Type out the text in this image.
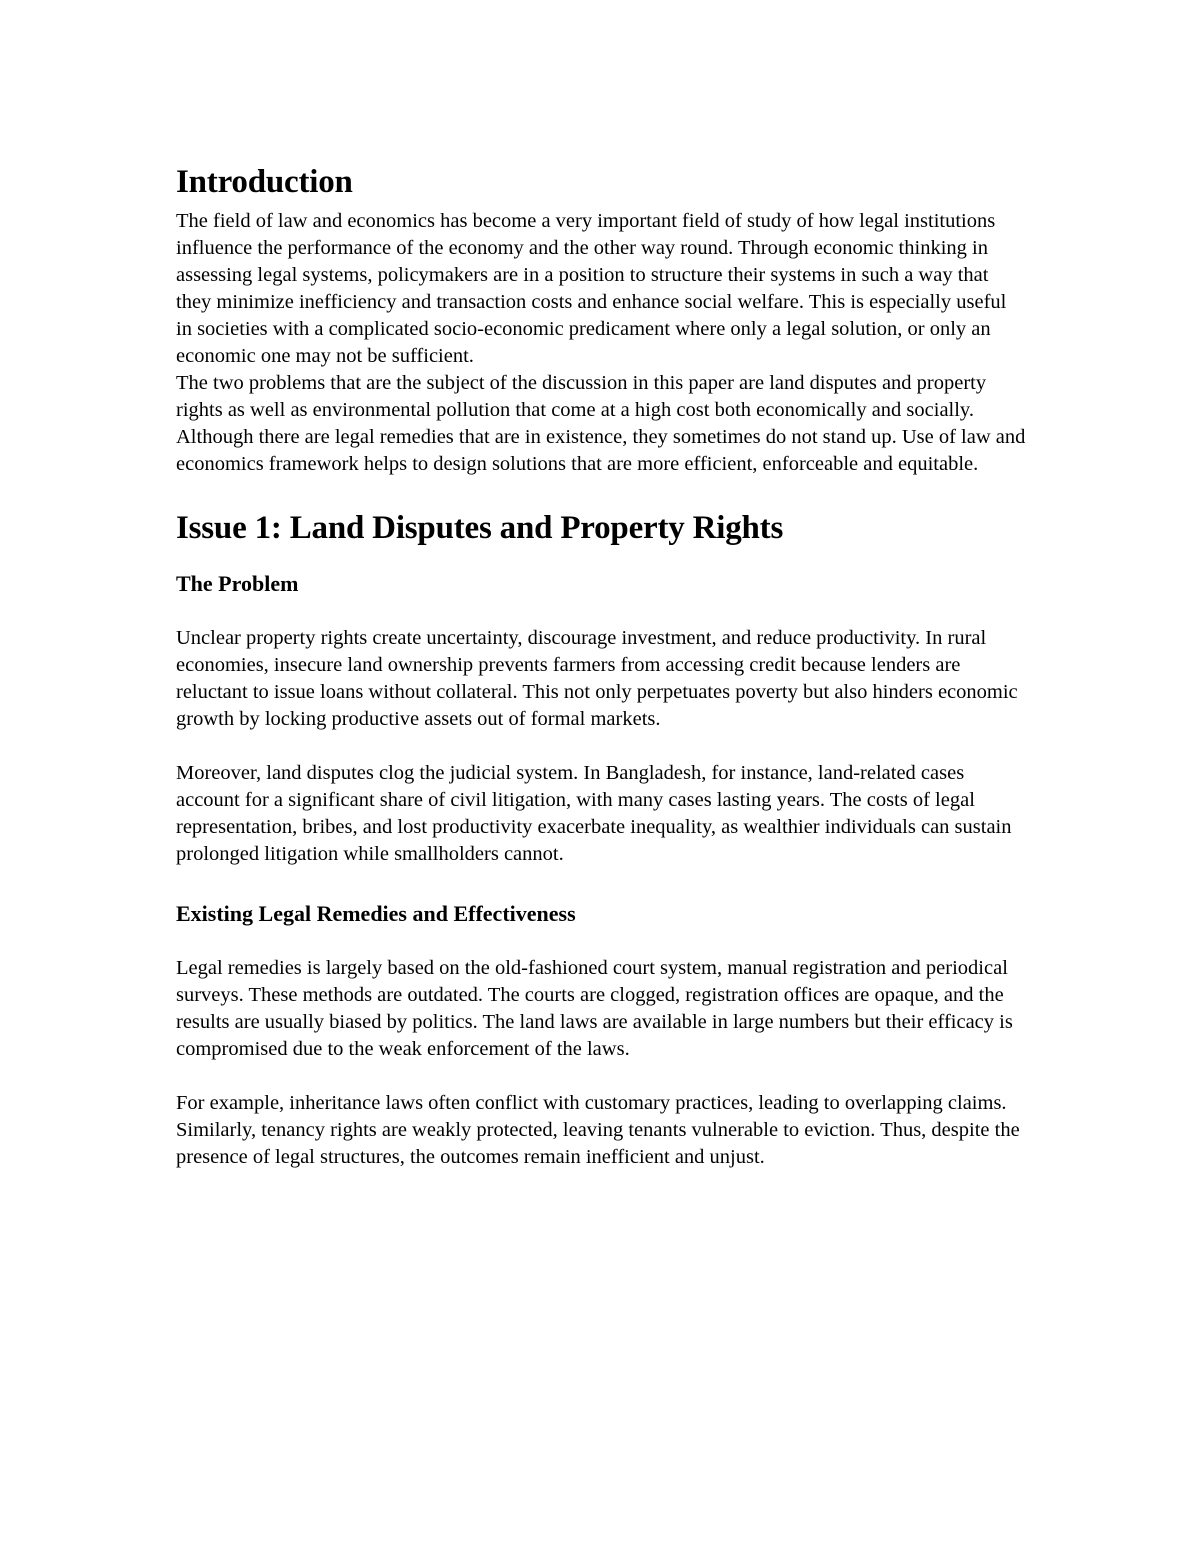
Introduction

The field of law and economics has become a very important field of study of how legal institutions influence the performance of the economy and the other way round. Through economic thinking in assessing legal systems, policymakers are in a position to structure their systems in such a way that they minimize inefficiency and transaction costs and enhance social welfare. This is especially useful in societies with a complicated socio-economic predicament where only a legal solution, or only an economic one may not be sufficient.

The two problems that are the subject of the discussion in this paper are land disputes and property rights as well as environmental pollution that come at a high cost both economically and socially. Although there are legal remedies that are in existence, they sometimes do not stand up. Use of law and economics framework helps to design solutions that are more efficient, enforceable and equitable.

Issue 1: Land Disputes and Property Rights
The Problem

Unclear property rights create uncertainty, discourage investment, and reduce productivity. In rural economies, insecure land ownership prevents farmers from accessing credit because lenders are reluctant to issue loans without collateral. This not only perpetuates poverty but also hinders economic growth by locking productive assets out of formal markets.

Moreover, land disputes clog the judicial system. In Bangladesh, for instance, land-related cases account for a significant share of civil litigation, with many cases lasting years. The costs of legal representation, bribes, and lost productivity exacerbate inequality, as wealthier individuals can sustain prolonged litigation while smallholders cannot.

Existing Legal Remedies and Effectiveness

Legal remedies is largely based on the old-fashioned court system, manual registration and periodical surveys. These methods are outdated. The courts are clogged, registration offices are opaque, and the results are usually biased by politics. The land laws are available in large numbers but their efficacy is compromised due to the weak enforcement of the laws.

For example, inheritance laws often conflict with customary practices, leading to overlapping claims. Similarly, tenancy rights are weakly protected, leaving tenants vulnerable to eviction. Thus, despite the presence of legal structures, the outcomes remain inefficient and unjust.
